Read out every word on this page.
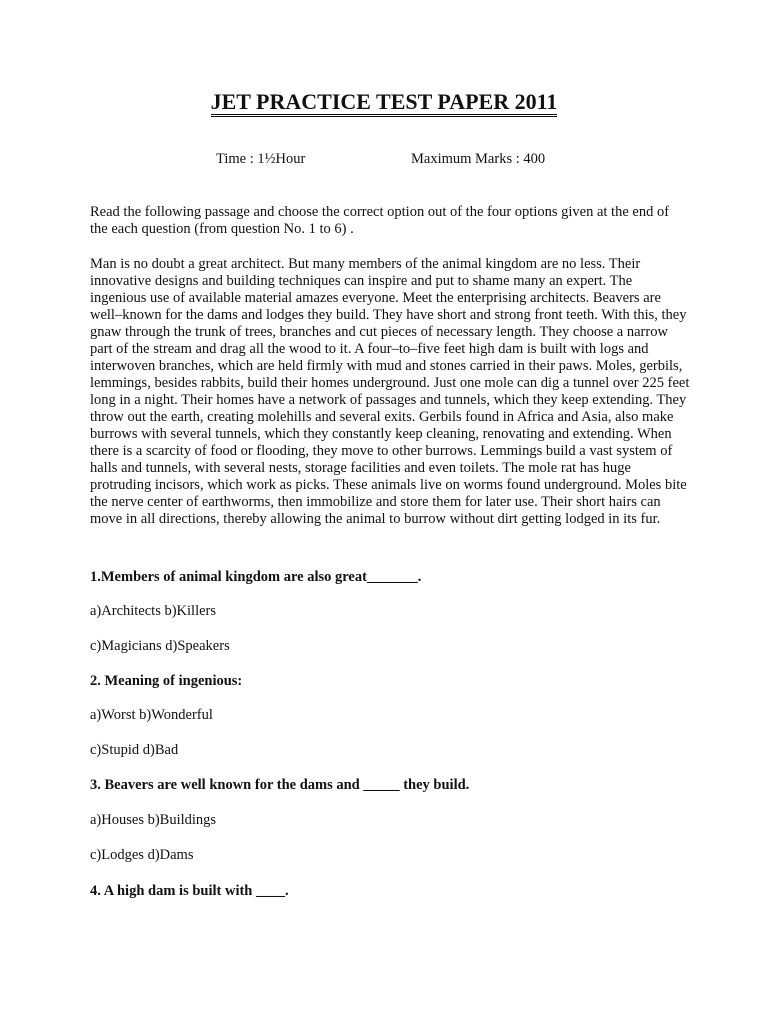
JET PRACTICE TEST PAPER 2011
Time : 1½Hour	Maximum Marks : 400
Read the following passage and choose the correct option out of the four options given at the end of the each question (from question No. 1 to 6) .
Man is no doubt a great architect. But many members of the animal kingdom are no less. Their innovative designs and building techniques can inspire and put to shame many an expert. The ingenious use of available material amazes everyone. Meet the enterprising architects. Beavers are well–known for the dams and lodges they build. They have short and strong front teeth. With this, they gnaw through the trunk of trees, branches and cut pieces of necessary length. They choose a narrow part of the stream and drag all the wood to it. A four–to–five feet high dam is built with logs and interwoven branches, which are held firmly with mud and stones carried in their paws. Moles, gerbils, lemmings, besides rabbits, build their homes underground. Just one mole can dig a tunnel over 225 feet long in a night. Their homes have a network of passages and tunnels, which they keep extending. They throw out the earth, creating molehills and several exits. Gerbils found in Africa and Asia, also make burrows with several tunnels, which they constantly keep cleaning, renovating and extending. When there is a scarcity of food or flooding, they move to other burrows. Lemmings build a vast system of halls and tunnels, with several nests, storage facilities and even toilets. The mole rat has huge protruding incisors, which work as picks. These animals live on worms found underground. Moles bite the nerve center of earthworms, then immobilize and store them for later use. Their short hairs can move in all directions, thereby allowing the animal to burrow without dirt getting lodged in its fur.
1.Members of animal kingdom are also great_______.
a)Architects b)Killers
c)Magicians d)Speakers
2. Meaning of ingenious:
a)Worst b)Wonderful
c)Stupid d)Bad
3. Beavers are well known for the dams and _____ they build.
a)Houses b)Buildings
c)Lodges d)Dams
4. A high dam is built with ____.
